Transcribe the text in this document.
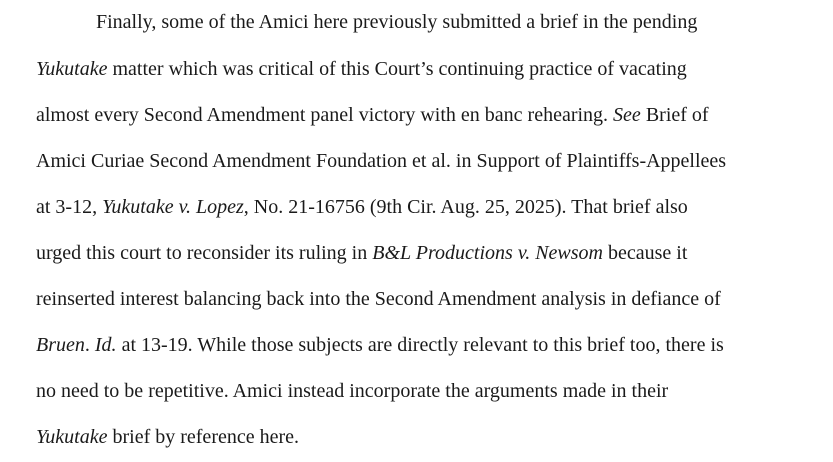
Finally, some of the Amici here previously submitted a brief in the pending
Yukutake matter which was critical of this Court’s continuing practice of vacating
almost every Second Amendment panel victory with en banc rehearing. See Brief of
Amici Curiae Second Amendment Foundation et al. in Support of Plaintiffs-Appellees
at 3-12, Yukutake v. Lopez, No. 21-16756 (9th Cir. Aug. 25, 2025). That brief also
urged this court to reconsider its ruling in B&L Productions v. Newsom because it
reinserted interest balancing back into the Second Amendment analysis in defiance of
Bruen. Id. at 13-19. While those subjects are directly relevant to this brief too, there is
no need to be repetitive. Amici instead incorporate the arguments made in their
Yukutake brief by reference here.
